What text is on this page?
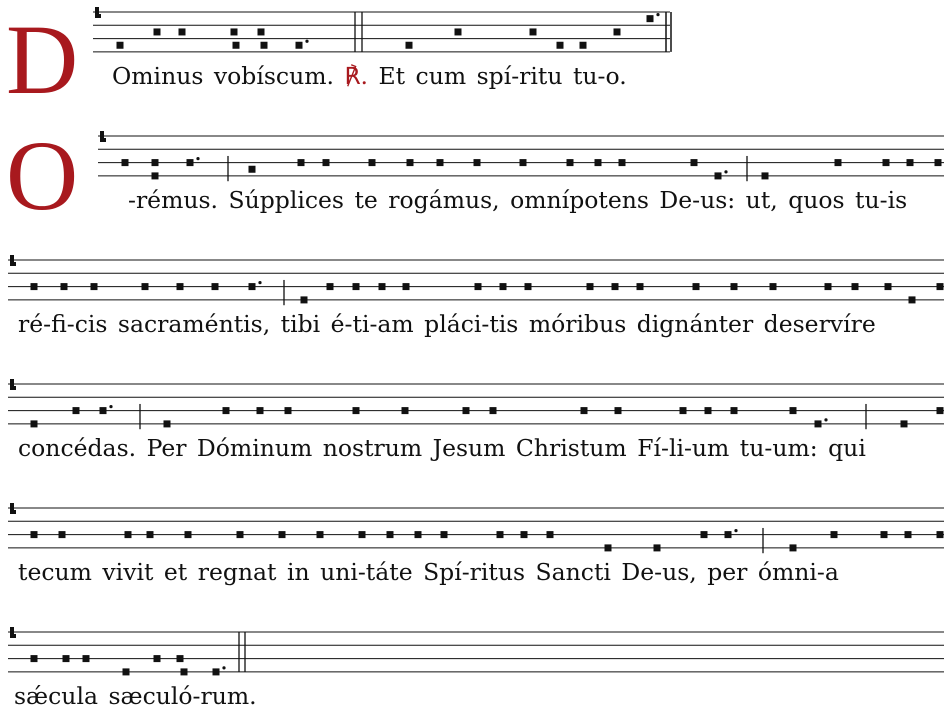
D
O
Ominus vobíscum. ℟. Et cum spí-ritu tu-o.
-rémus. Súpplices te rogámus, omnípotens De-us: ut, quos tu-is
ré-fi-cis sacraméntis, tibi é-ti-am pláci-tis móribus dignánter deservíre
concédas. Per Dóminum nostrum Jesum Christum Fí-li-um tu-um: qui
tecum vivit et regnat in uni-táte Spí-ritus Sancti De-us, per ómni-a
sǽcula sæculó-rum.
